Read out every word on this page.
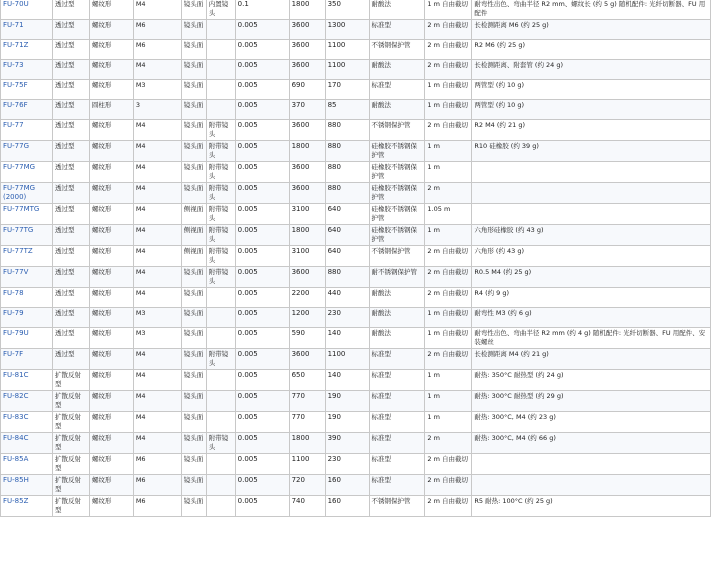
FU-70U	透过型	螺纹形	M4	镜头面	内置镜头	0.1	1800	350	耐酸法	1 m 自由截切	耐弯性出色、弯曲半径 R2 mm、螺纹长 (约 5 g) 随机配件: 光纤切断器、FU 用配件
FU-71	透过型	螺纹形	M6	镜头面		0.005	3600	1300	标准型	2 m 自由截切	长检测距离 M6 (约 25 g)
FU-71Z	透过型	螺纹形	M6	镜头面		0.005	3600	1100	不锈钢保护管	2 m 自由截切	R2 M6 (约 25 g)
FU-73	透过型	螺纹形	M4	镜头面		0.005	3600	1100	耐酸法	2 m 自由截切	长检测距离、附套管 (约 24 g)
FU-75F	透过型	螺纹形	M3	镜头面		0.005	690	170	标准型	1 m 自由截切	两管型 (约 10 g)
FU-76F	透过型	圆柱形	3	镜头面		0.005	370	85	耐酸法	1 m 自由截切	两管型 (约 10 g)
FU-77	透过型	螺纹形	M4	镜头面	附带镜头	0.005	3600	880	不锈钢保护管	2 m 自由截切	R2 M4 (约 21 g)
FU-77G	透过型	螺纹形	M4	镜头面	附带镜头	0.005	1800	880	硅橡胶不锈钢保护管	1 m	R10 硅橡胶 (约 39 g)
FU-77MG	透过型	螺纹形	M4	镜头面	附带镜头	0.005	3600	880	硅橡胶不锈钢保护管	1 m	
FU-77MG (2000)	透过型	螺纹形	M4	镜头面	附带镜头	0.005	3600	880	硅橡胶不锈钢保护管	2 m	
FU-77MTG	透过型	螺纹形	M4	侧视面	附带镜头	0.005	3100	640	硅橡胶不锈钢保护管	1.05 m	
FU-77TG	透过型	螺纹形	M4	侧视面	附带镜头	0.005	1800	640	硅橡胶不锈钢保护管	1 m	六角形硅橡胶 (约 43 g)
FU-77TZ	透过型	螺纹形	M4	侧视面	附带镜头	0.005	3100	640	不锈钢保护管	2 m 自由截切	六角形 (约 43 g)
FU-77V	透过型	螺纹形	M4	镜头面	附带镜头	0.005	3600	880	耐不锈钢保护管	2 m 自由截切	R0.5 M4 (约 25 g)
FU-78	透过型	螺纹形	M4	镜头面		0.005	2200	440	耐酸法	2 m 自由截切	R4 (约 9 g)
FU-79	透过型	螺纹形	M3	镜头面		0.005	1200	230	耐酸法	1 m 自由截切	耐弯性 M3 (约 6 g)
FU-79U	透过型	螺纹形	M3	镜头面		0.005	590	140	耐酸法	1 m 自由截切	耐弯性出色、弯曲半径 R2 mm (约 4 g) 随机配件: 光纤切断器、FU 用配件、安装螺丝
FU-7F	透过型	螺纹形	M4	镜头面	附带镜头	0.005	3600	1100	标准型	2 m 自由截切	长检测距离 M4 (约 21 g)
FU-81C	扩散反射型	螺纹形	M4	镜头面		0.005	650	140	标准型	1 m	耐热: 350°C 耐热型 (约 24 g)
FU-82C	扩散反射型	螺纹形	M4	镜头面		0.005	770	190	标准型	1 m	耐热: 300°C 耐热型 (约 29 g)
FU-83C	扩散反射型	螺纹形	M4	镜头面		0.005	770	190	标准型	1 m	耐热: 300°C, M4 (约 23 g)
FU-84C	扩散反射型	螺纹形	M4	镜头面	附带镜头	0.005	1800	390	标准型	2 m	耐热: 300°C, M4 (约 66 g)
FU-85A	扩散反射型	螺纹形	M6	镜头面		0.005	1100	230	标准型	2 m 自由截切	
FU-85H	扩散反射型	螺纹形	M6	镜头面		0.005	720	160	标准型	2 m 自由截切	
FU-85Z	扩散反射型	螺纹形	M6	镜头面		0.005	740	160	不锈钢保护管	2 m 自由截切	R5 耐热: 100°C (约 25 g)
